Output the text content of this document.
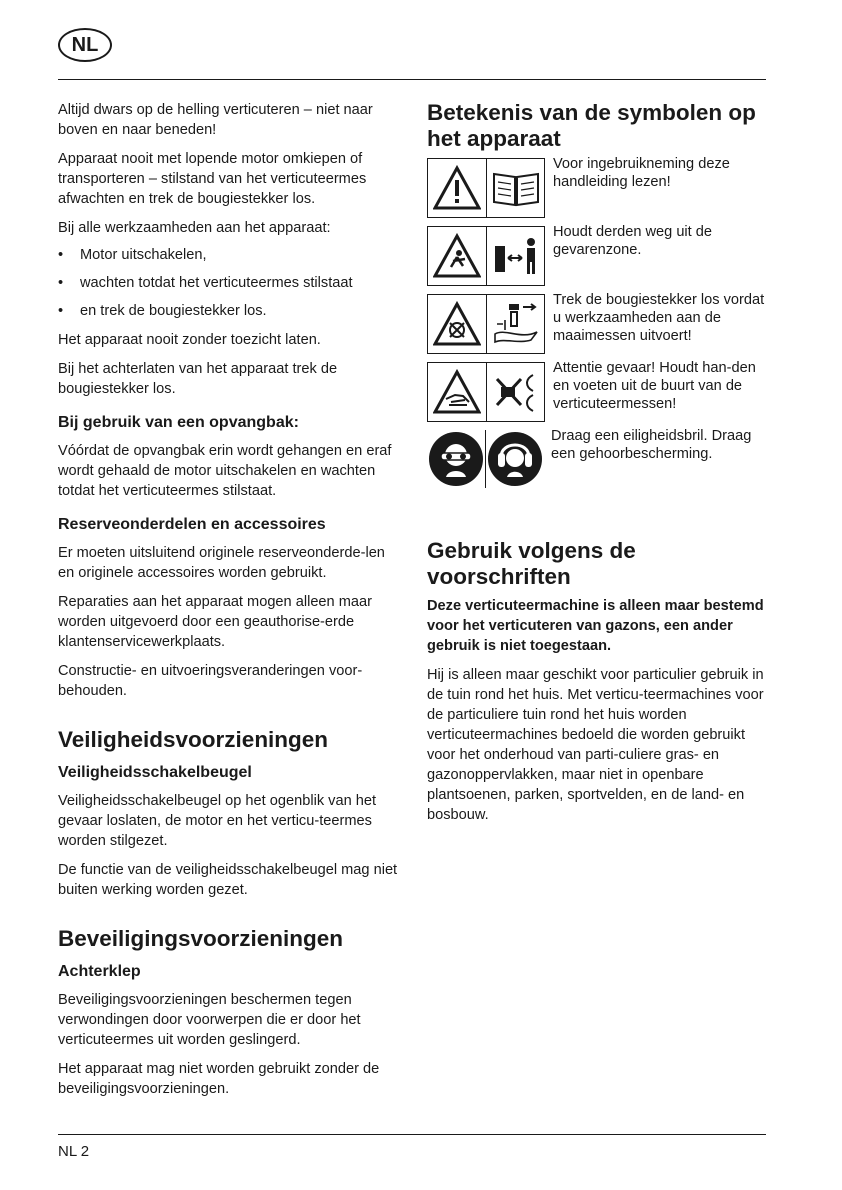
NL

Altijd dwars op de helling verticuteren – niet naar boven en naar beneden!

Apparaat nooit met lopende motor omkiepen of transporteren – stilstand van het verticuteermes afwachten en trek de bougiestekker los.

Bij alle werkzaamheden aan het apparaat:

• Motor uitschakelen,
• wachten totdat het verticuteermes stilstaat
• en trek de bougiestekker los.

Het apparaat nooit zonder toezicht laten.

Bij het achterlaten van het apparaat trek de bougiestekker los.

Bij gebruik van een opvangbak:

Vóórdat de opvangbak erin wordt gehangen en eraf wordt gehaald de motor uitschakelen en wachten totdat het verticuteermes stilstaat.

Reserveonderdelen en accessoires

Er moeten uitsluitend originele reserveonderde-len en originele accessoires worden gebruikt.

Reparaties aan het apparaat mogen alleen maar worden uitgevoerd door een geauthorise-erde klantenservicewerkplaats.

Constructie- en uitvoeringsveranderingen voor-behouden.

Veiligheidsvoorzieningen
Veiligheidsschakelbeugel

Veiligheidsschakelbeugel op het ogenblik van het gevaar loslaten, de motor en het verticu-teermes worden stilgezet.

De functie van de veiligheidsschakelbeugel mag niet buiten werking worden gezet.

Beveiligingsvoorzieningen
Achterklep

Beveiligingsvoorzieningen beschermen tegen verwondingen door voorwerpen die er door het verticuteermes uit worden geslingerd.

Het apparaat mag niet worden gebruikt zonder de beveiligingsvoorzieningen.

Betekenis van de symbolen op het apparaat
Voor ingebruikneming deze handleiding lezen!
Houdt derden weg uit de gevarenzone.
Trek de bougiestekker los vordat u werkzaamheden aan de maaimessen uitvoert!
Attentie gevaar! Houdt han-den en voeten uit de buurt van de verticuteermessen!
Draag een eiligheidsbril. Draag een gehoorbescherming.
Gebruik volgens de voorschriften

Deze verticuteermachine is alleen maar bestemd voor het verticuteren van gazons, een ander gebruik is niet toegestaan.

Hij is alleen maar geschikt voor particulier gebruik in de tuin rond het huis. Met verticu-teermachines voor de particuliere tuin rond het huis worden verticuteermachines bedoeld die worden gebruikt voor het onderhoud van parti-culiere gras- en gazonoppervlakken, maar niet in openbare plantsoenen, parken, sportvelden, en de land- en bosbouw.

NL 2
